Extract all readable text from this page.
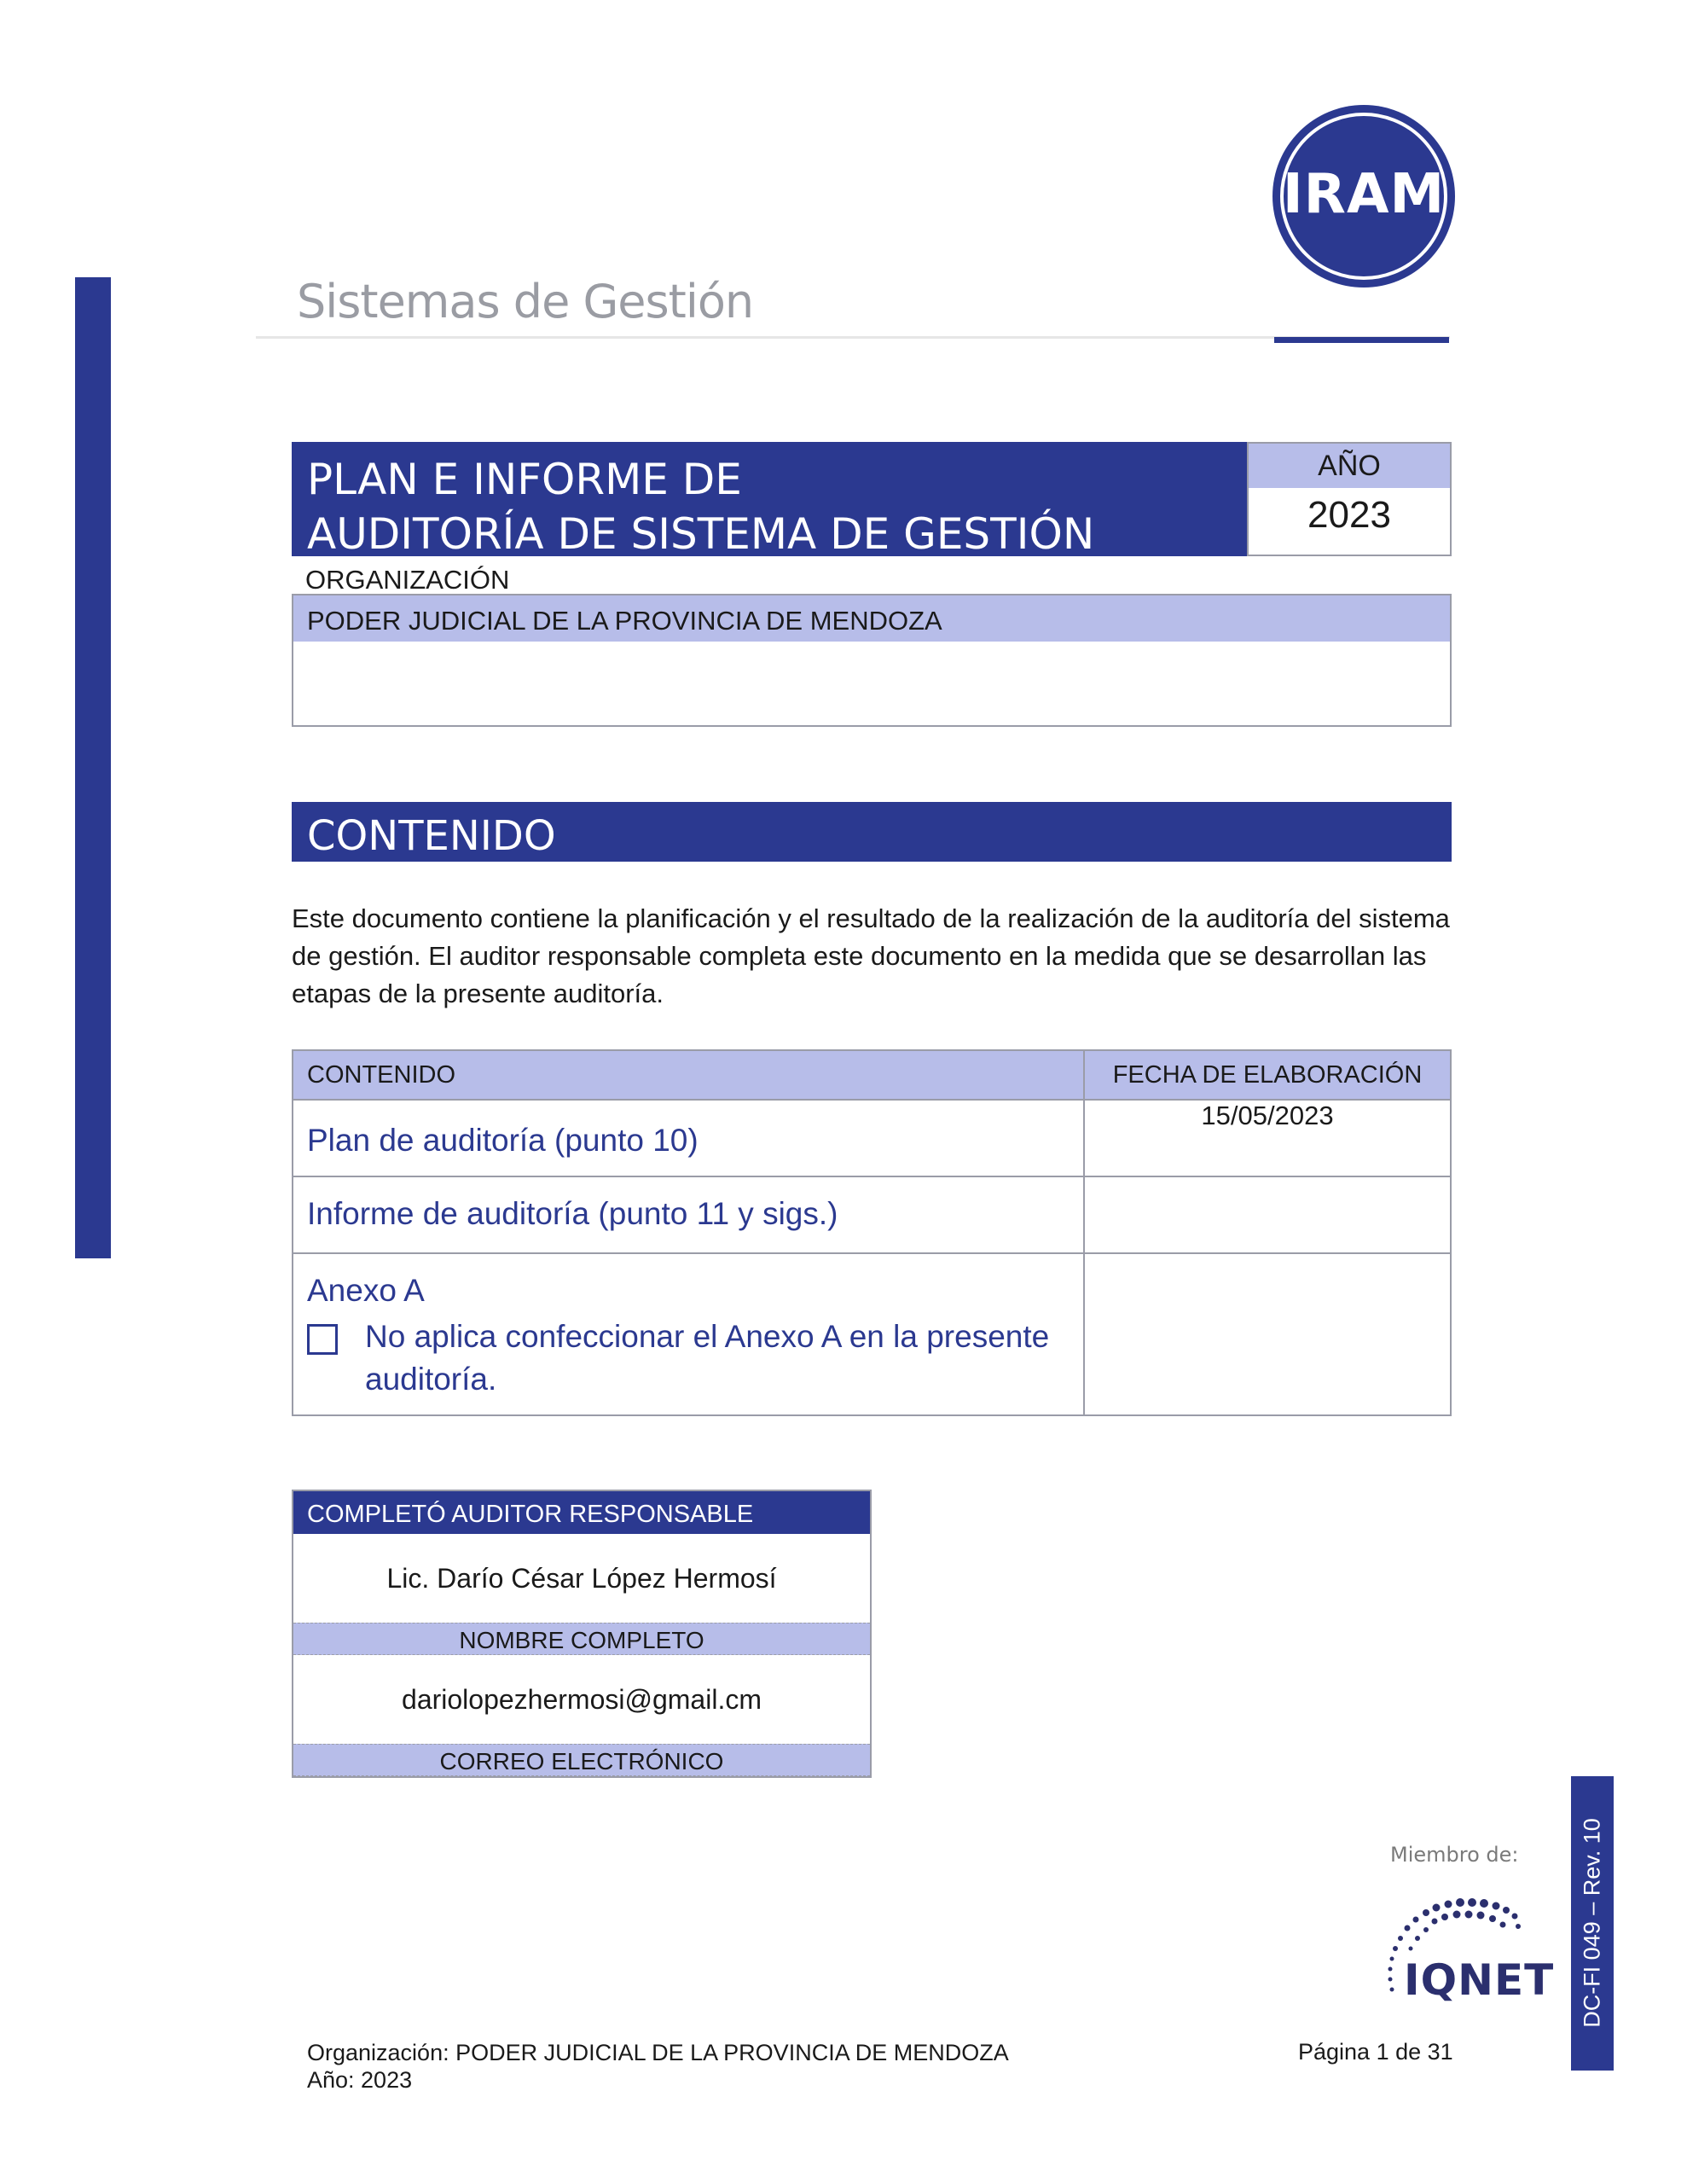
Sistemas de Gestión
IRAM
PLAN E INFORME DE
AUDITORÍA DE SISTEMA DE GESTIÓN
AÑO
2023
ORGANIZACIÓN
PODER JUDICIAL DE LA PROVINCIA DE MENDOZA
CONTENIDO
Este documento contiene la planificación y el resultado de la realización de la auditoría del sistema de gestión. El auditor responsable completa este documento en la medida que se desarrollan las etapas de la presente auditoría.
CONTENIDO	FECHA DE ELABORACIÓN
Plan de auditoría (punto 10)	15/05/2023
Informe de auditoría (punto 11 y sigs.)	

Anexo A
No aplica confeccionar el Anexo A en la presente auditoría.	

COMPLETÓ AUDITOR RESPONSABLE
Lic. Darío César López Hermosí
NOMBRE COMPLETO
dariolopezhermosi@gmail.cm
CORREO ELECTRÓNICO
Miembro de:
IQNET DC-FI 049 – Rev. 10
Organización: PODER JUDICIAL DE LA PROVINCIA DE MENDOZA
Año: 2023
Página 1 de 31
